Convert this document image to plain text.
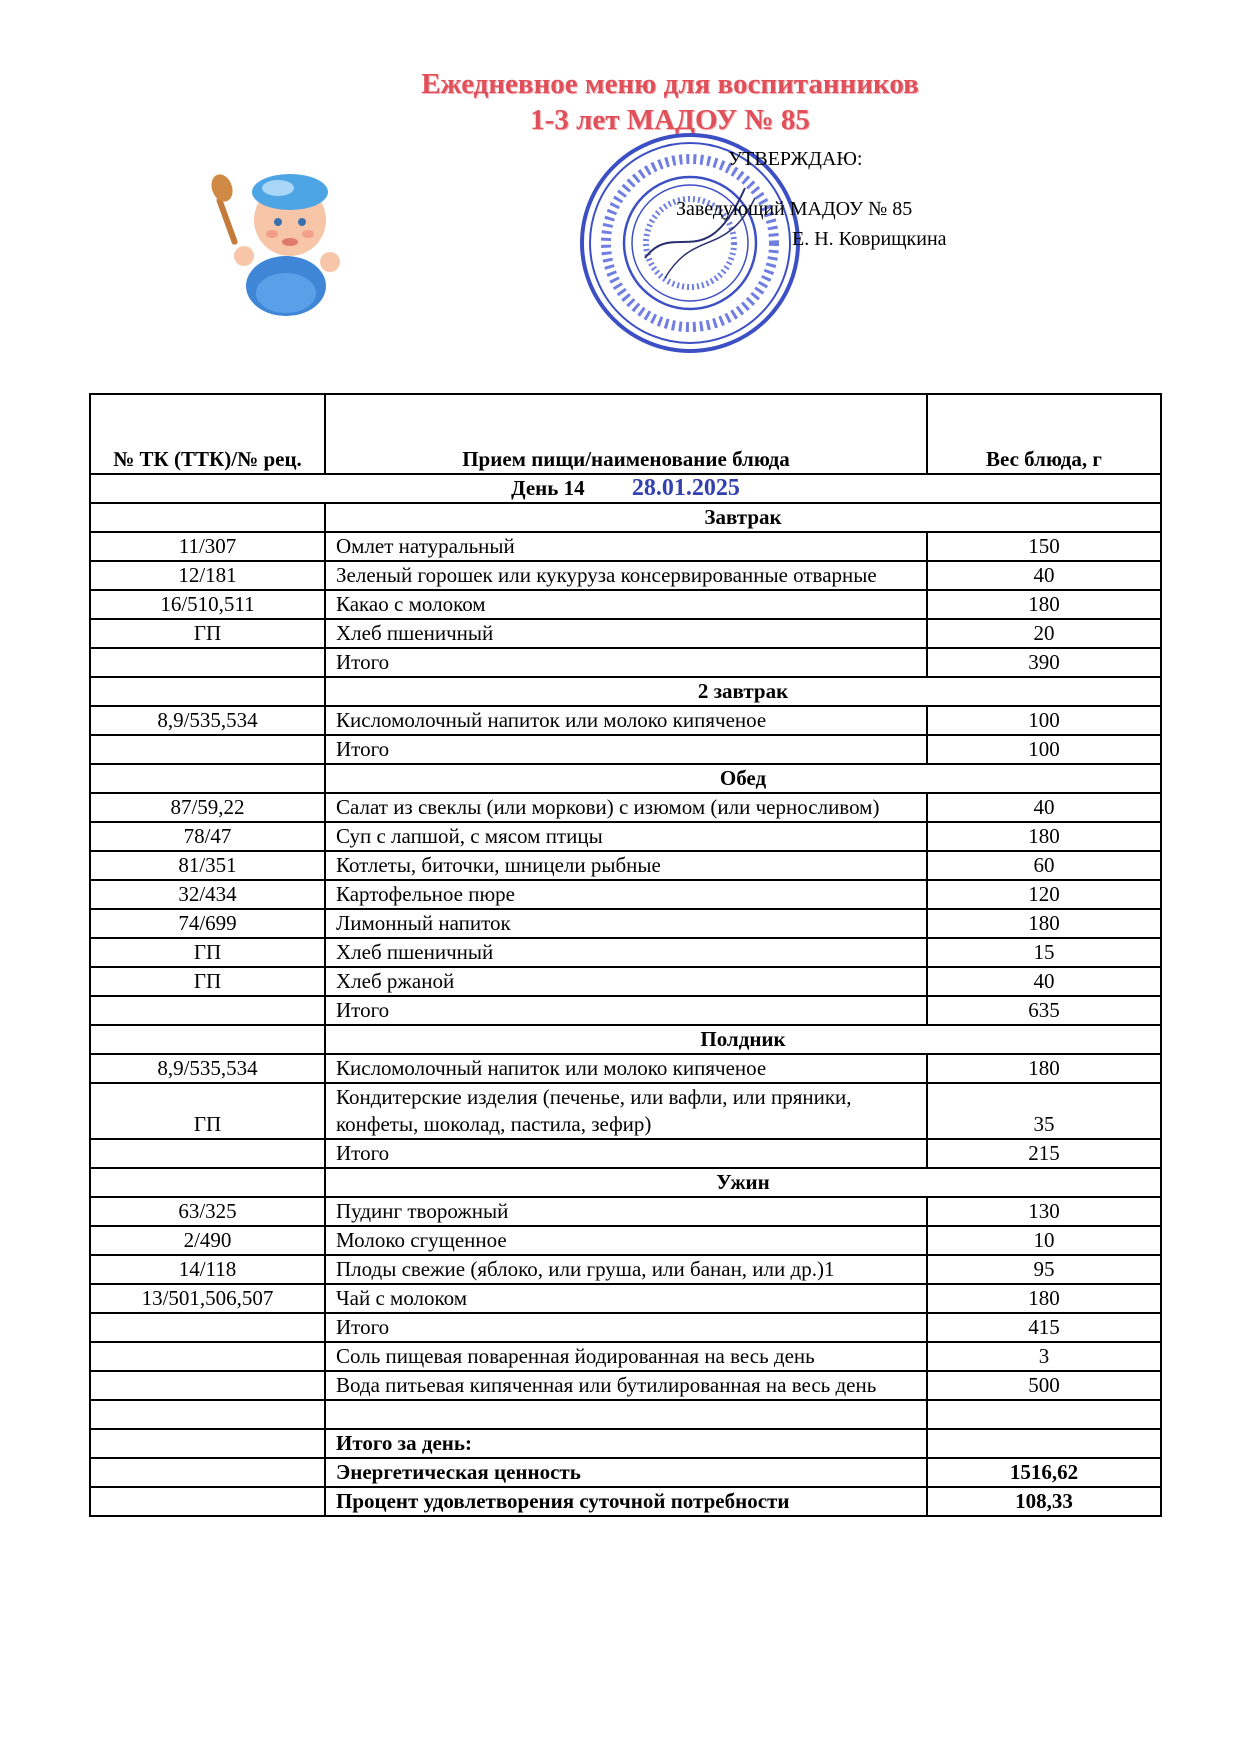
Ежедневное меню для воспитанников
1-3 лет МАДОУ № 85
УТВЕРЖДАЮ:
Заведующий МАДОУ № 85
Е. Н. Коврищкина
№ ТК (ТТК)/№ рец.	Прием пищи/наименование блюда	Вес блюда, г
День 14 28.01.2025		
	Завтрак	
11/307	Омлет натуральный	150
12/181	Зеленый горошек или кукуруза консервированные отварные	40
16/510,511	Какао с молоком	180
ГП	Хлеб пшеничный	20
	Итого	390
	2 завтрак	
8,9/535,534	Кисломолочный напиток или молоко кипяченое	100
	Итого	100
	Обед	
87/59,22	Салат из свеклы (или моркови) с изюмом (или черносливом)	40
78/47	Суп с лапшой, с мясом птицы	180
81/351	Котлеты, биточки, шницели рыбные	60
32/434	Картофельное пюре	120
74/699	Лимонный напиток	180
ГП	Хлеб пшеничный	15
ГП	Хлеб ржаной	40
	Итого	635
	Полдник	
8,9/535,534	Кисломолочный напиток или молоко кипяченое	180
ГП	Кондитерские изделия (печенье, или вафли, или пряники, конфеты, шоколад, пастила, зефир)	35
	Итого	215
	Ужин	
63/325	Пудинг творожный	130
2/490	Молоко сгущенное	10
14/118	Плоды свежие (яблоко, или груша, или банан, или др.)1	95
13/501,506,507	Чай с молоком	180
	Итого	415
	Соль пищевая поваренная йодированная на весь день	3
	Вода питьевая кипяченная или бутилированная на весь день	500

	Итого за день:	
	Энергетическая ценность	1516,62
	Процент удовлетворения суточной потребности	108,33
